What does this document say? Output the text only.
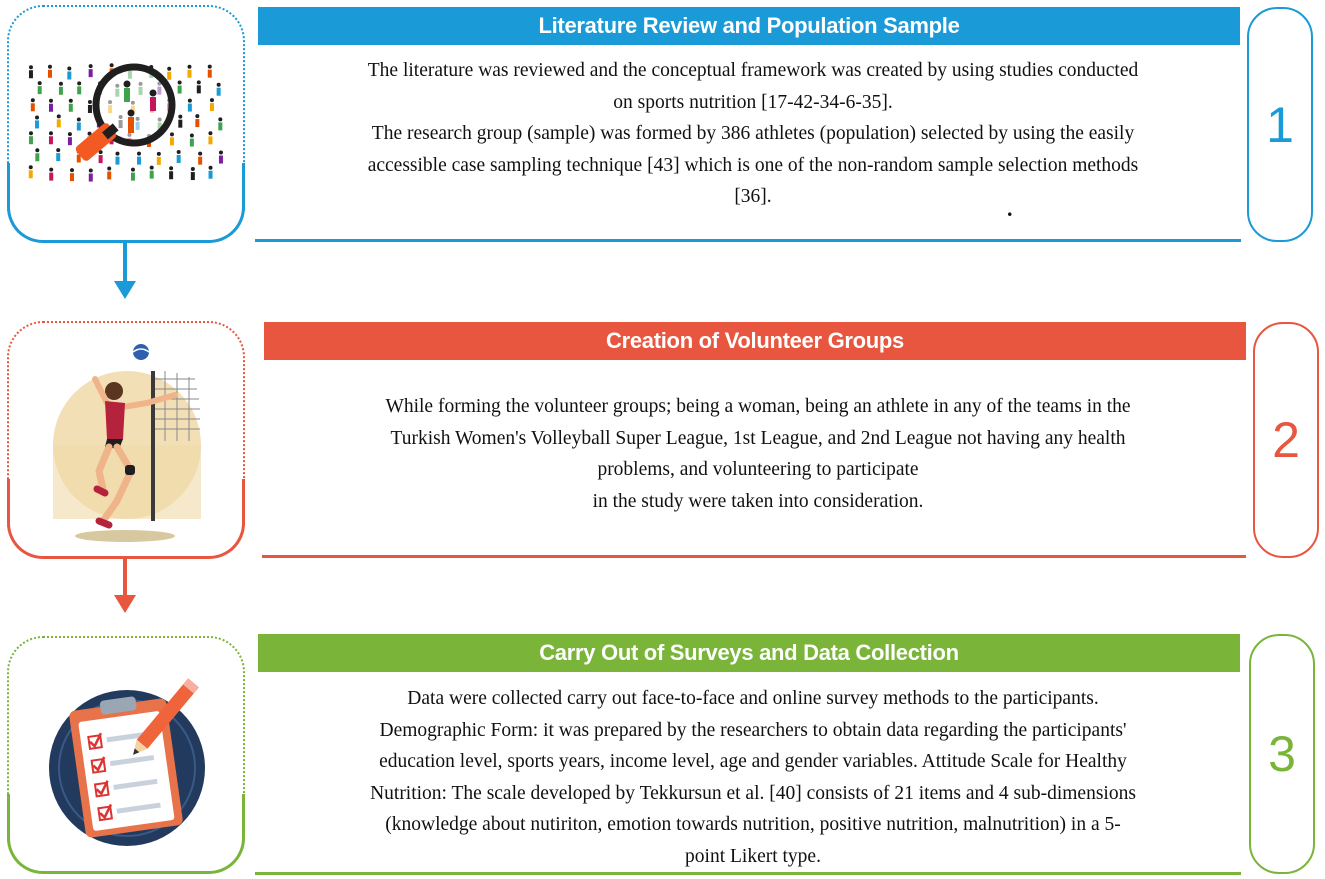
Literature Review and Population Sample
The literature was reviewed and the conceptual framework was created by using studies conducted
on sports nutrition [17-42-34-6-35].
The research group (sample) was formed by 386 athletes (population) selected by using the easily
accessible case sampling technique [43] which is one of the non-random sample selection methods
[36].	.
1
Creation of Volunteer Groups
While forming the volunteer groups; being a woman, being an athlete in any of the teams in the
Turkish Women's Volleyball Super League, 1st League, and 2nd League not having any health
problems, and volunteering to participate
in the study were taken into consideration.
2
Carry Out of Surveys and Data Collection
Data were collected carry out face-to-face and online survey methods to the participants.
Demographic Form: it was prepared by the researchers to obtain data regarding the participants'
education level, sports years, income level, age and gender variables. Attitude Scale for Healthy
Nutrition: The scale developed by Tekkursun et al. [40] consists of 21 items and 4 sub-dimensions
(knowledge about nutiriton, emotion towards nutrition, positive nutrition, malnutrition) in a 5-
point Likert type.
3
